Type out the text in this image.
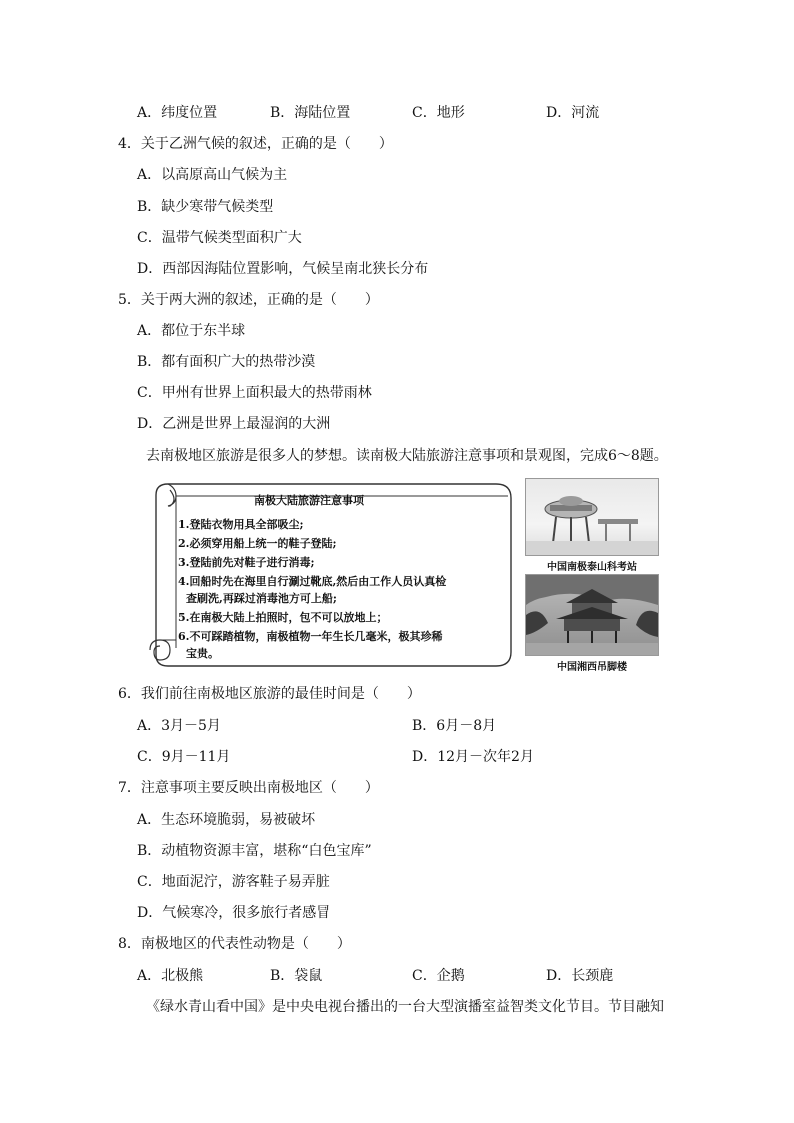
A．纬度位置	B．海陆位置	C．地形	D．河流
4．关于乙洲气候的叙述，正确的是（　　）
A．以高原高山气候为主
B．缺少寒带气候类型
C．温带气候类型面积广大
D．西部因海陆位置影响，气候呈南北狭长分布
5．关于两大洲的叙述，正确的是（　　）
A．都位于东半球
B．都有面积广大的热带沙漠
C．甲州有世界上面积最大的热带雨林
D．乙洲是世界上最湿润的大洲
去南极地区旅游是很多人的梦想。读南极大陆旅游注意事项和景观图，完成6～8题。
南极大陆旅游注意事项
1.登陆衣物用具全部吸尘;
2.必须穿用船上统一的鞋子登陆;
3.登陆前先对鞋子进行消毒;
4.回船时先在海里自行涮过靴底,然后由工作人员认真检
查刷洗,再踩过消毒池方可上船;
5.在南极大陆上拍照时，包不可以放地上；
6.不可踩踏植物，南极植物一年生长几毫米，极其珍稀
宝贵。
中国南极泰山科考站
中国湘西吊脚楼
6．我们前往南极地区旅游的最佳时间是（　　）
A．3月－5月	B．6月－8月
C．9月－11月	D．12月－次年2月
7．注意事项主要反映出南极地区（　　）
A．生态环境脆弱，易被破坏
B．动植物资源丰富，堪称“白色宝库”
C．地面泥泞，游客鞋子易弄脏
D．气候寒冷，很多旅行者感冒
8．南极地区的代表性动物是（　　）
A．北极熊	B．袋鼠	C．企鹅	D．长颈鹿
《绿水青山看中国》是中央电视台播出的一台大型演播室益智类文化节目。节目融知
